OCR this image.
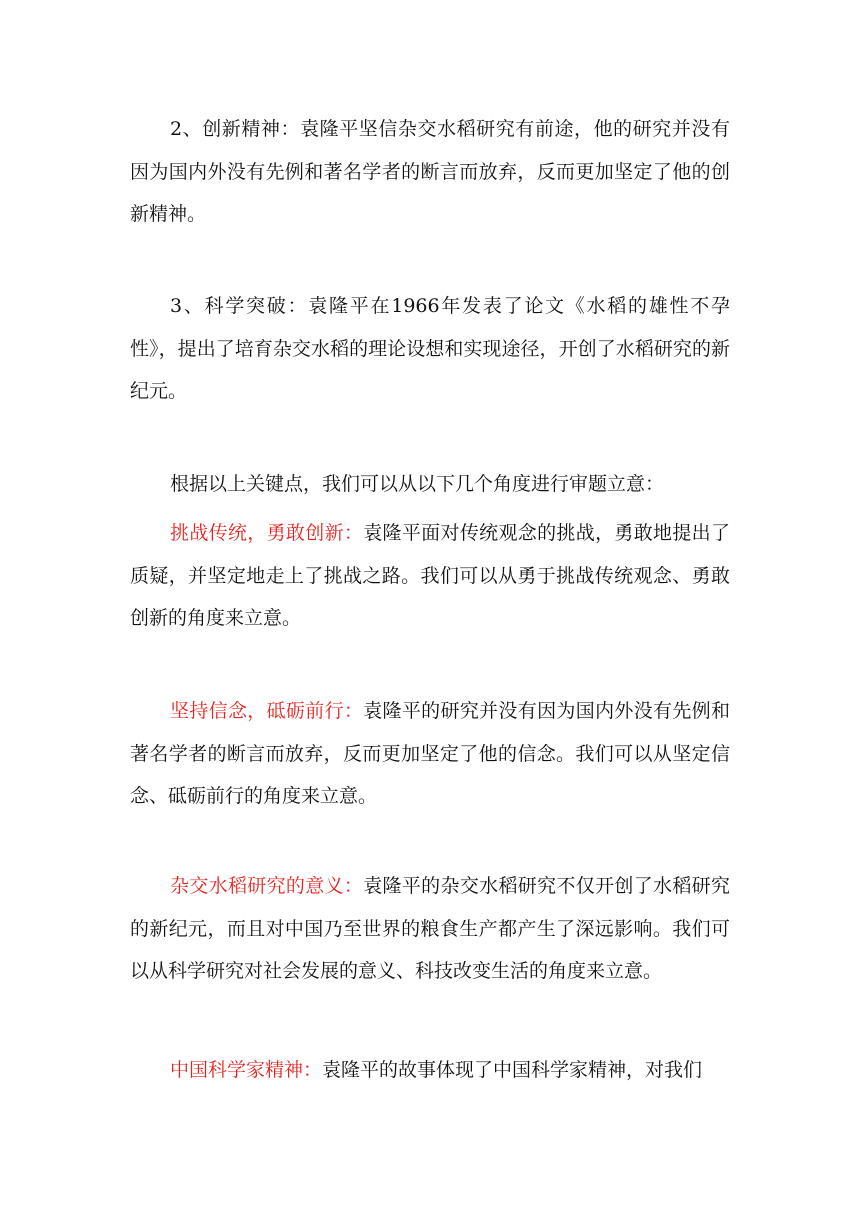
2、创新精神：袁隆平坚信杂交水稻研究有前途，他的研究并没有因为国内外没有先例和著名学者的断言而放弃，反而更加坚定了他的创新精神。

3、科学突破：袁隆平在1966年发表了论文《水稻的雄性不孕性》，提出了培育杂交水稻的理论设想和实现途径，开创了水稻研究的新纪元。

根据以上关键点，我们可以从以下几个角度进行审题立意：

挑战传统，勇敢创新：袁隆平面对传统观念的挑战，勇敢地提出了质疑，并坚定地走上了挑战之路。我们可以从勇于挑战传统观念、勇敢创新的角度来立意。

坚持信念，砥砺前行：袁隆平的研究并没有因为国内外没有先例和著名学者的断言而放弃，反而更加坚定了他的信念。我们可以从坚定信念、砥砺前行的角度来立意。

杂交水稻研究的意义：袁隆平的杂交水稻研究不仅开创了水稻研究的新纪元，而且对中国乃至世界的粮食生产都产生了深远影响。我们可以从科学研究对社会发展的意义、科技改变生活的角度来立意。

中国科学家精神：袁隆平的故事体现了中国科学家精神，对我们
